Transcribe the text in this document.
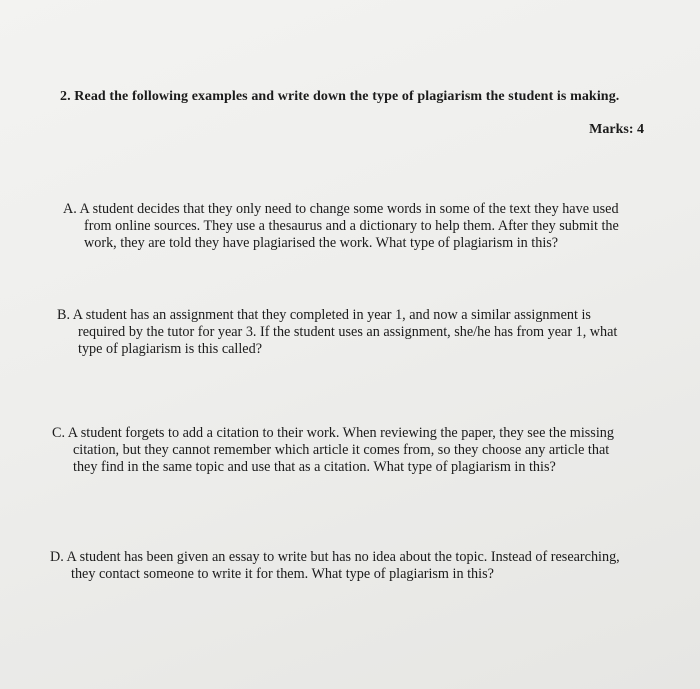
2. Read the following examples and write down the type of plagiarism the student is making.
Marks: 4
A. A student decides that they only need to change some words in some of the text they have used
from online sources. They use a thesaurus and a dictionary to help them. After they submit the
work, they are told they have plagiarised the work. What type of plagiarism in this?
B. A student has an assignment that they completed in year 1, and now a similar assignment is
required by the tutor for year 3. If the student uses an assignment, she/he has from year 1, what
type of plagiarism is this called?
C. A student forgets to add a citation to their work. When reviewing the paper, they see the missing
citation, but they cannot remember which article it comes from, so they choose any article that
they find in the same topic and use that as a citation. What type of plagiarism in this?
D. A student has been given an essay to write but has no idea about the topic. Instead of researching,
they contact someone to write it for them. What type of plagiarism in this?
